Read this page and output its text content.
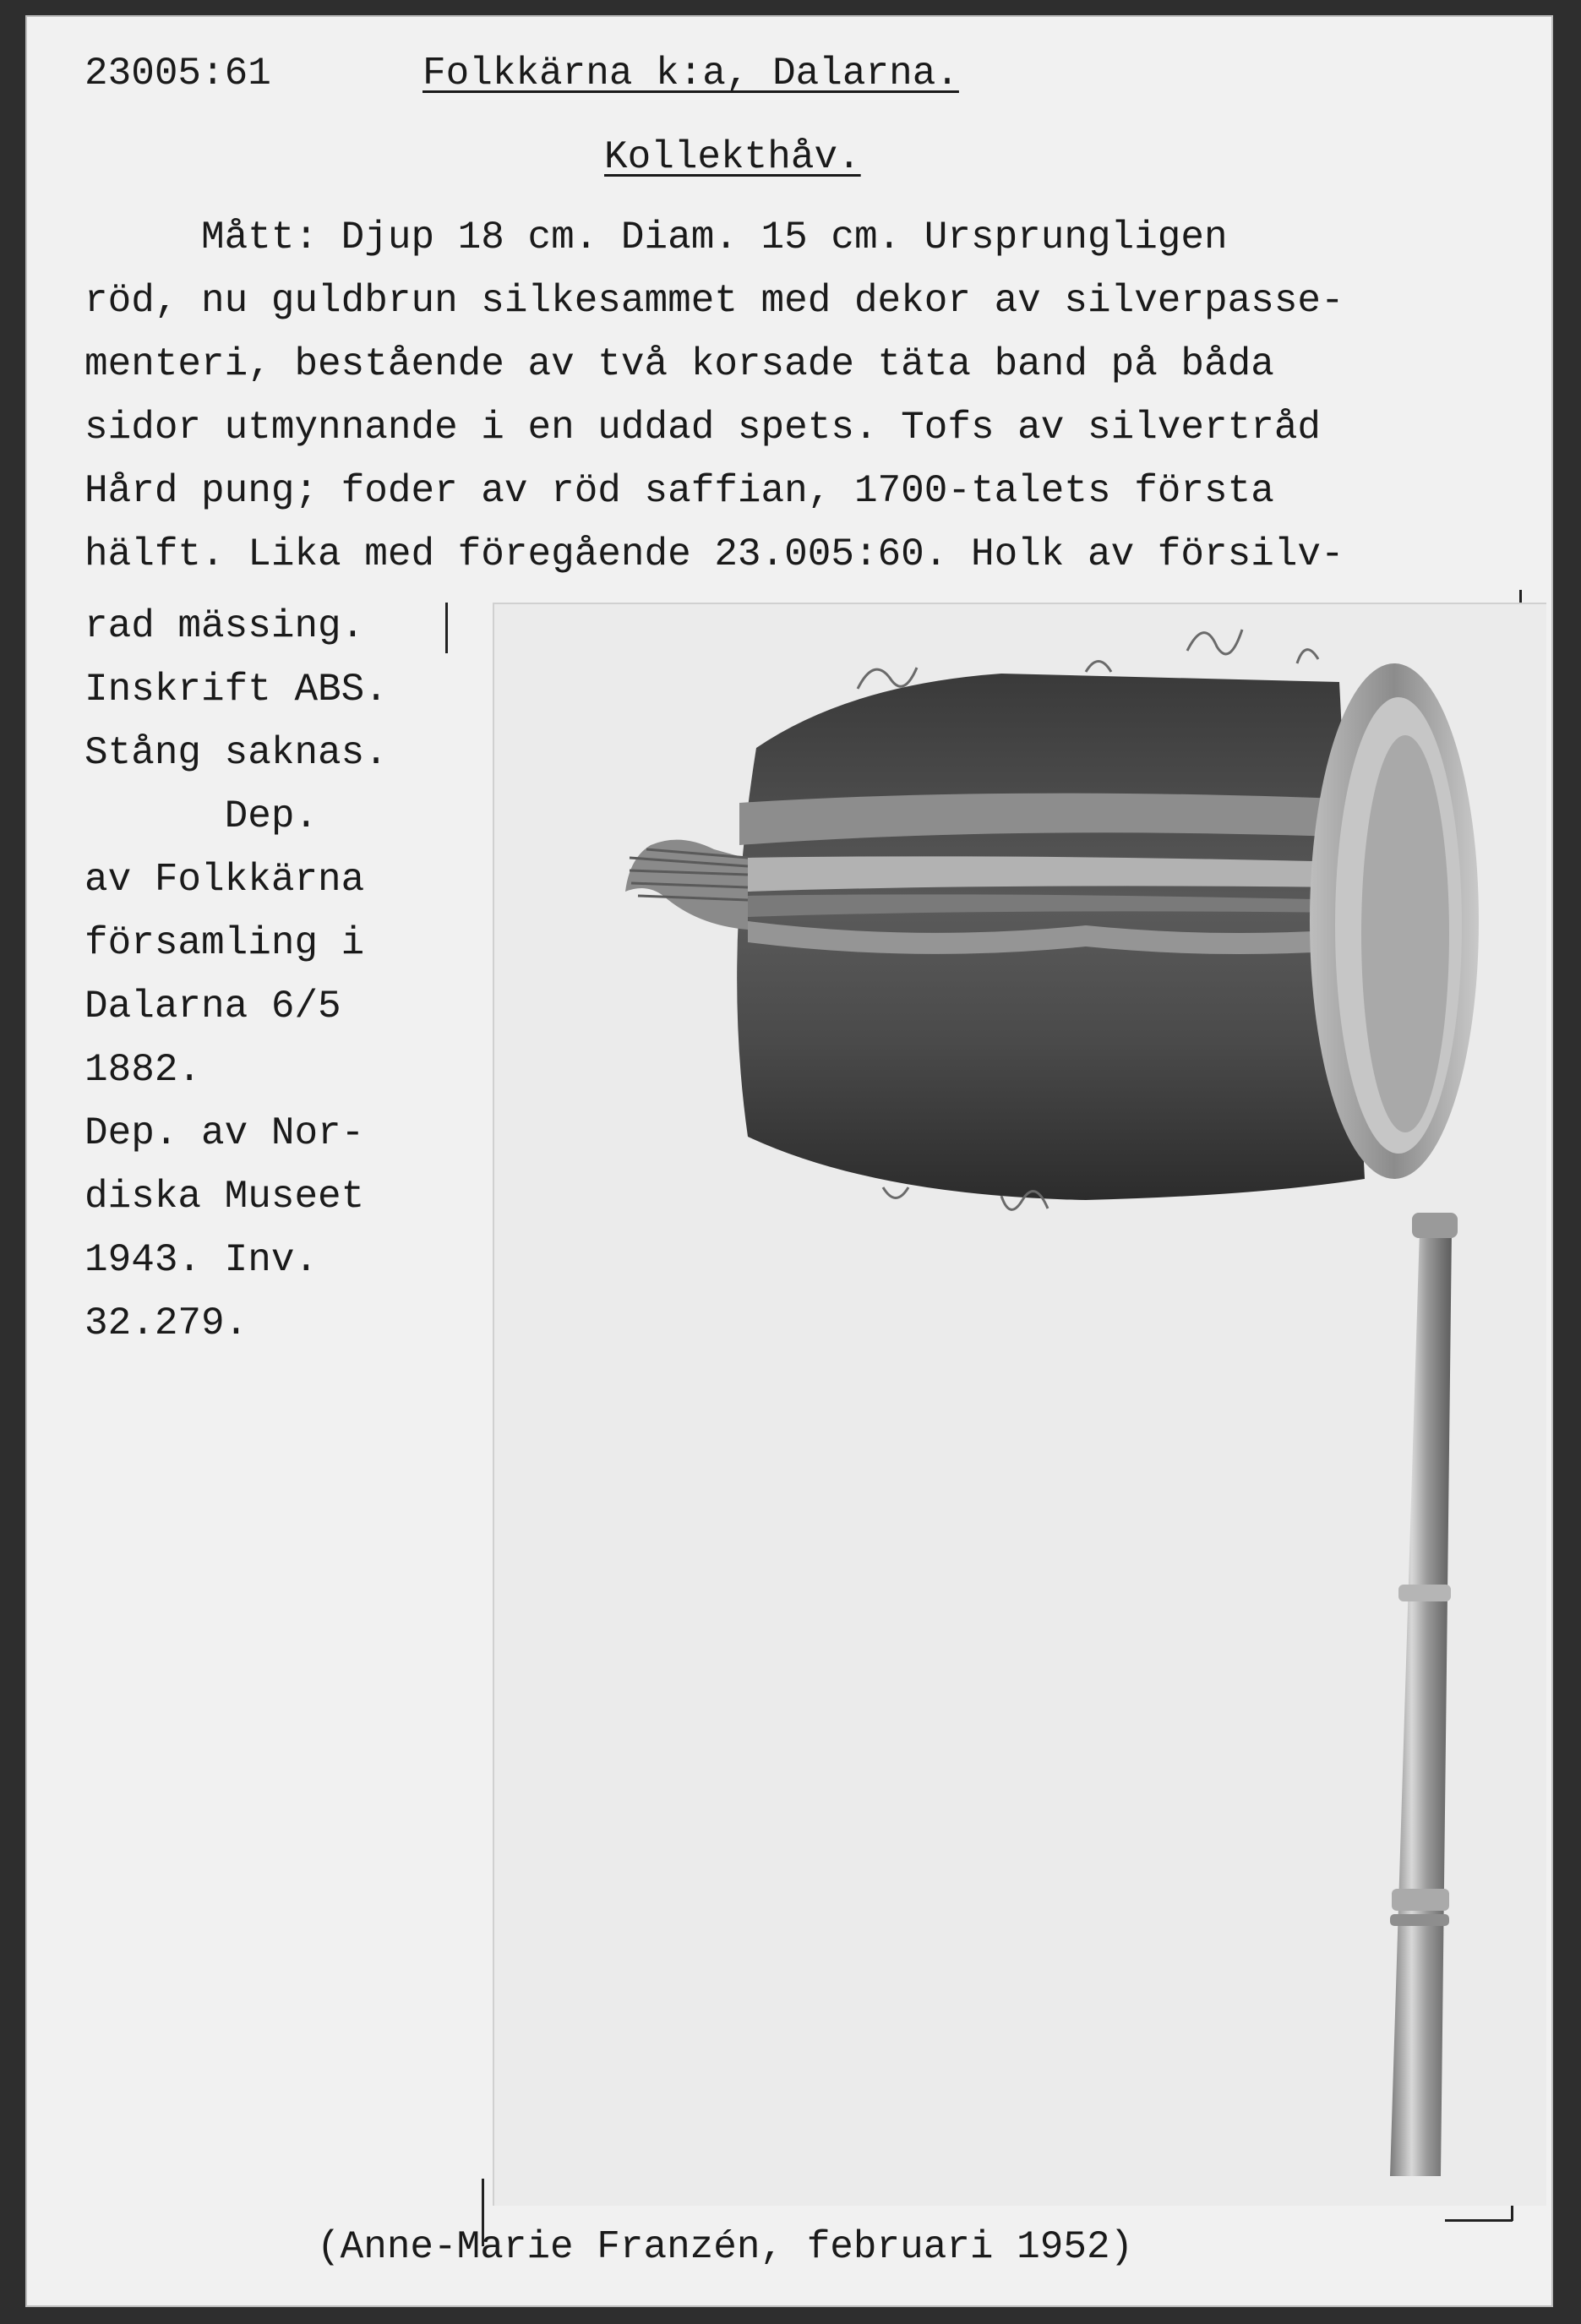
23005:61	Folkkärna k:a, Dalarna.
Kollekthåv.
Mått: Djup 18 cm. Diam. 15 cm. Ursprungligen
röd, nu guldbrun silkesammet med dekor av silverpasse-
menteri, bestående av två korsade täta band på båda
sidor utmynnande i en uddad spets. Tofs av silvertråd
Hård pung; foder av röd saffian, 1700-talets första
hälft. Lika med föregående 23.005:60. Holk av försilv-
rad mässing.
Inskrift ABS.
Stång saknas.
Dep.
av Folkkärna
församling i
Dalarna 6/5
1882.
Dep. av Nor-
diska Museet
1943. Inv.
32.279.
(Anne-Marie Franzén, februari 1952)
